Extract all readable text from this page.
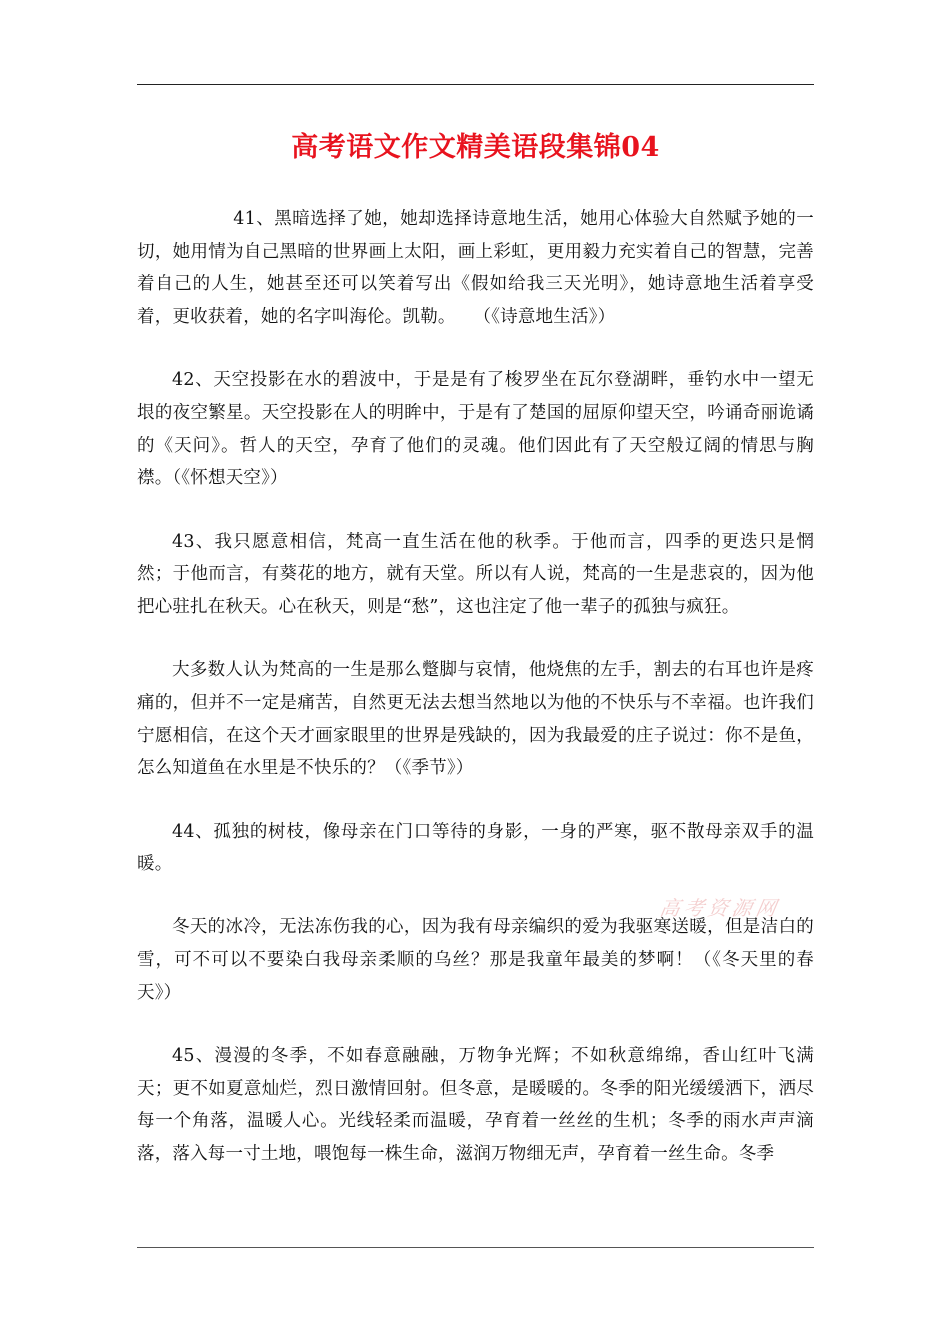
高考语文作文精美语段集锦04

41、黑暗选择了她，她却选择诗意地生活，她用心体验大自然赋予她的一切，她用情为自己黑暗的世界画上太阳，画上彩虹，更用毅力充实着自己的智慧，完善着自己的人生，她甚至还可以笑着写出《假如给我三天光明》，她诗意地生活着享受着，更收获着，她的名字叫海伦。凯勒。　　（《诗意地生活》）

42、天空投影在水的碧波中，于是是有了梭罗坐在瓦尔登湖畔，垂钓水中一望无垠的夜空繁星。天空投影在人的明眸中，于是有了楚国的屈原仰望天空，吟诵奇丽诡谲的《天问》。哲人的天空，孕育了他们的灵魂。他们因此有了天空般辽阔的情思与胸襟。（《怀想天空》）

43、我只愿意相信，梵高一直生活在他的秋季。于他而言，四季的更迭只是惘然；于他而言，有葵花的地方，就有天堂。所以有人说，梵高的一生是悲哀的，因为他把心驻扎在秋天。心在秋天，则是“愁”，这也注定了他一辈子的孤独与疯狂。

大多数人认为梵高的一生是那么蹩脚与哀情，他烧焦的左手，割去的右耳也许是疼痛的，但并不一定是痛苦，自然更无法去想当然地以为他的不快乐与不幸福。也许我们宁愿相信，在这个天才画家眼里的世界是残缺的，因为我最爱的庄子说过：你不是鱼，怎么知道鱼在水里是不快乐的？（《季节》）

44、孤独的树枝，像母亲在门口等待的身影，一身的严寒，驱不散母亲双手的温暖。

冬天的冰冷，无法冻伤我的心，因为我有母亲编织的爱为我驱寒送暖，但是洁白的雪，可不可以不要染白我母亲柔顺的乌丝？那是我童年最美的梦啊！（《冬天里的春天》）

45、漫漫的冬季，不如春意融融，万物争光辉；不如秋意绵绵，香山红叶飞满天；更不如夏意灿烂，烈日激情回射。但冬意，是暖暖的。冬季的阳光缓缓洒下，洒尽每一个角落，温暖人心。光线轻柔而温暖，孕育着一丝丝的生机；冬季的雨水声声滴落，落入每一寸土地，喂饱每一株生命，滋润万物细无声，孕育着一丝生命。冬季

高考资源网
